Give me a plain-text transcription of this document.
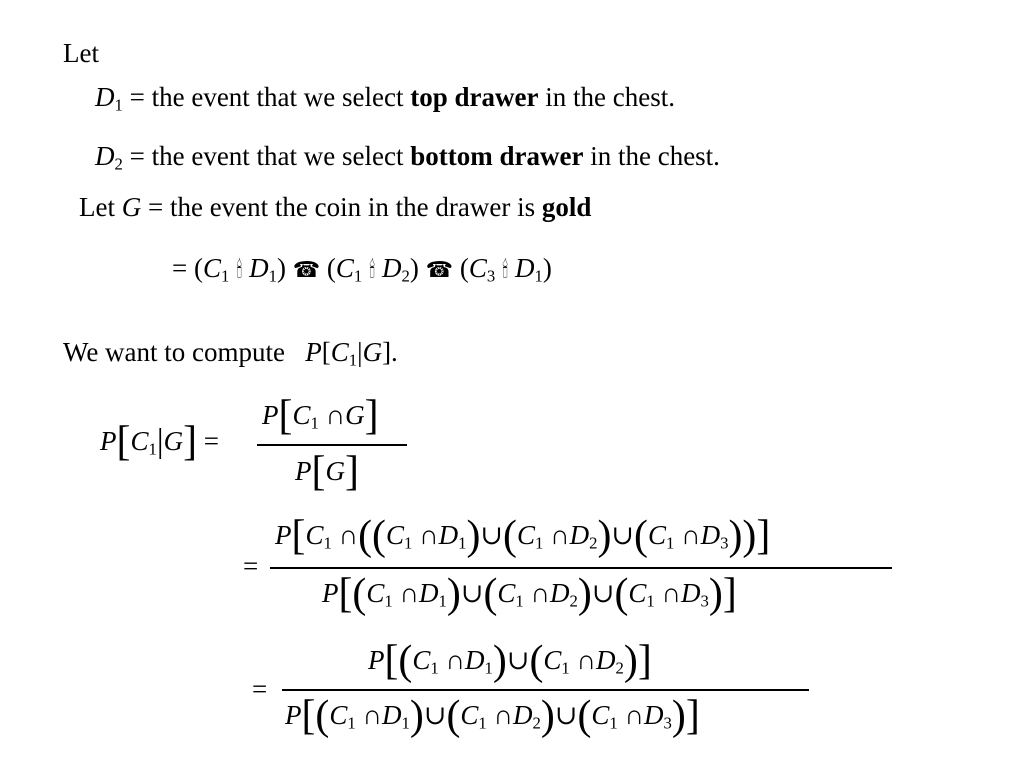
Let
$D_1$ = the event that we select top drawer in the chest.
$D_2$ = the event that we select bottom drawer in the chest.
Let G = the event the coin in the drawer is gold
= ($C_1$ 🕯 $D_1$) ☎ ($C_1$ 🕯 $D_2$) ☎ ($C_3$ 🕯 $D_1$)
We want to compute $P[C_1|G]$.
$P[C_1|G]$ =
$P[C_1$ ∩G]
P[G]
=
$P[C_1$ $\cap((C_1$ $\cap D_1)\cup(C_1$ $\cap D_2)\cup(C_1$ $\cap D_3$))]
$P[(C_1$ $\cap D_1)\cup(C_1$ $\cap D_2)\cup(C_1$ $\cap D_3$)]
=
$P[(C_1$ $\cap D_1)\cup(C_1$ $\cap D_2$)]
$P[(C_1$ $\cap D_1)\cup(C_1$ $\cap D_2)\cup(C_1$ $\cap D_3$)]
